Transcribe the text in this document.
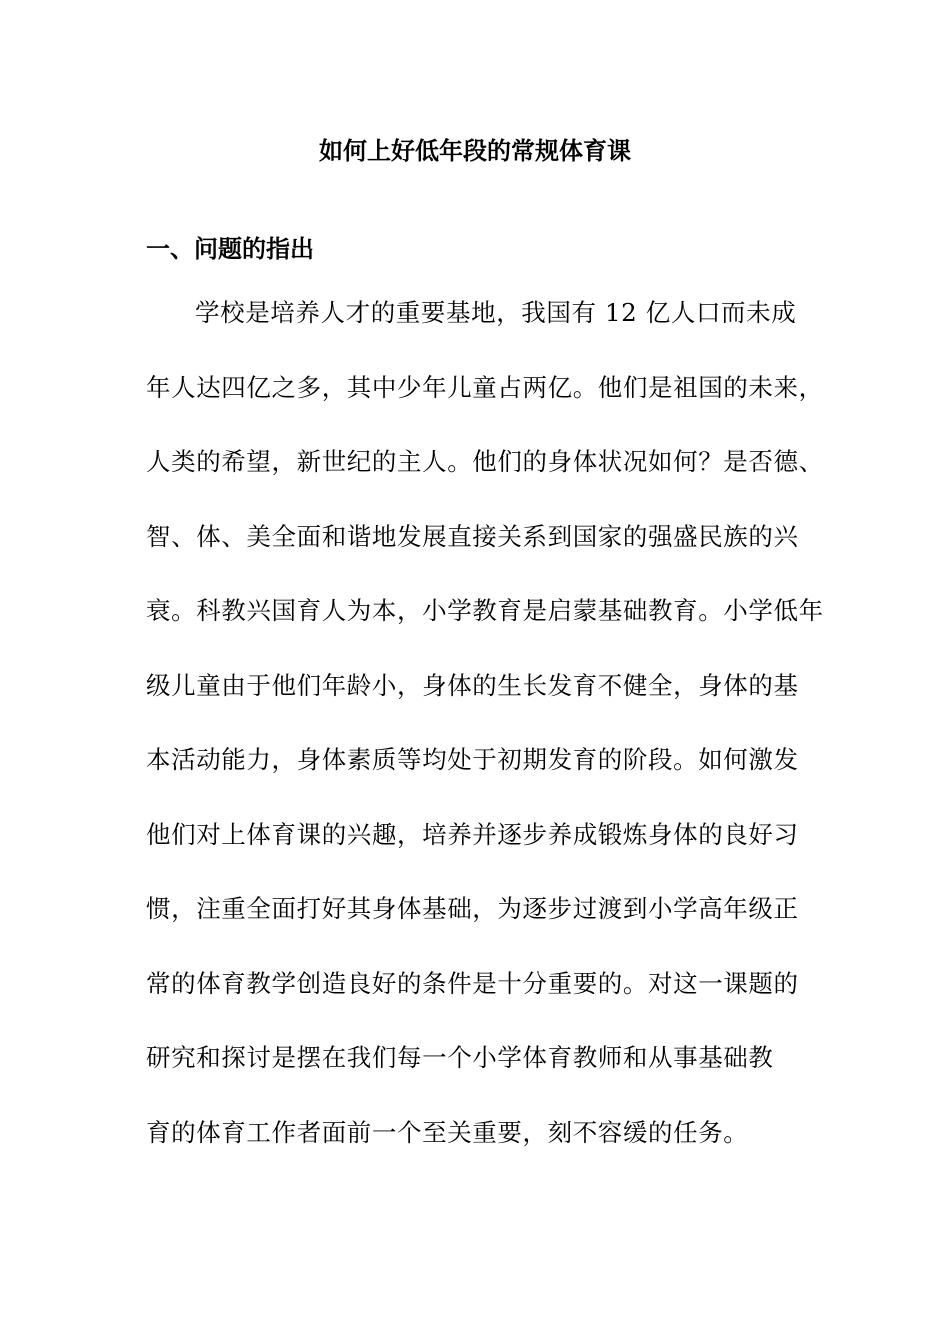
如何上好低年段的常规体育课
一、问题的指出
学校是培养人才的重要基地，我国有 12 亿人口而未成
年人达四亿之多，其中少年儿童占两亿。他们是祖国的未来，
人类的希望，新世纪的主人。他们的身体状况如何？是否德、
智、体、美全面和谐地发展直接关系到国家的强盛民族的兴
衰。科教兴国育人为本，小学教育是启蒙基础教育。小学低年
级儿童由于他们年龄小，身体的生长发育不健全，身体的基
本活动能力，身体素质等均处于初期发育的阶段。如何激发
他们对上体育课的兴趣，培养并逐步养成锻炼身体的良好习
惯，注重全面打好其身体基础，为逐步过渡到小学高年级正
常的体育教学创造良好的条件是十分重要的。对这一课题的
研究和探讨是摆在我们每一个小学体育教师和从事基础教
育的体育工作者面前一个至关重要，刻不容缓的任务。
